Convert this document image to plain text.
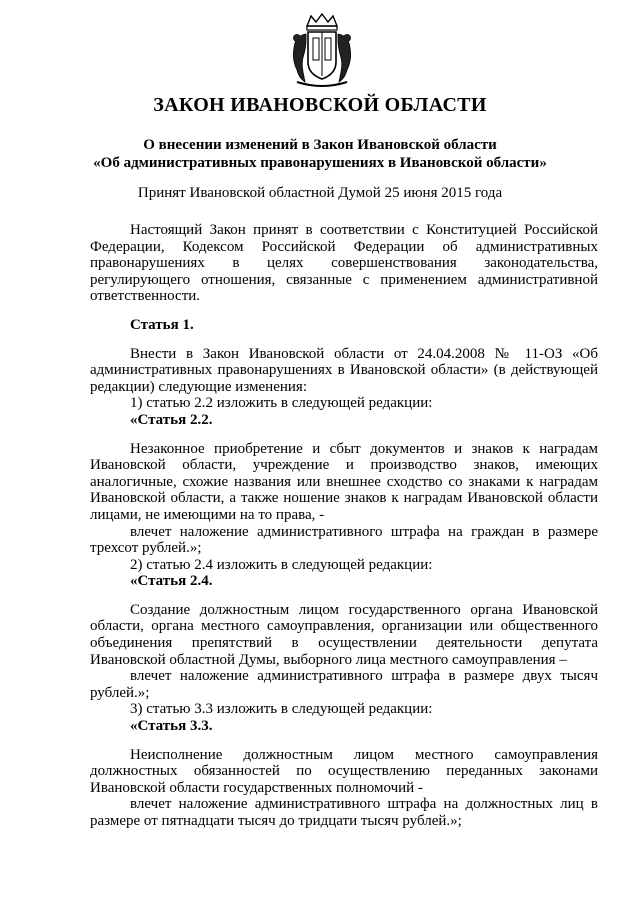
ЗАКОН ИВАНОВСКОЙ ОБЛАСТИ
О внесении изменений в Закон Ивановской области
«Об административных правонарушениях в Ивановской области»
Принят Ивановской областной Думой 25 июня 2015 года

Настоящий Закон принят в соответствии с Конституцией Российской Федерации, Кодексом Российской Федерации об административных правонарушениях в целях совершенствования законодательства, регулирующего отношения, связанные с применением административной ответственности.

Статья 1.

Внести в Закон Ивановской области от 24.04.2008 № 11-ОЗ «Об административных правонарушениях в Ивановской области» (в действующей редакции) следующие изменения:

1) статью 2.2 изложить в следующей редакции:

«Статья 2.2.

Незаконное приобретение и сбыт документов и знаков к наградам Ивановской области, учреждение и производство знаков, имеющих аналогичные, схожие названия или внешнее сходство со знаками к наградам Ивановской области, а также ношение знаков к наградам Ивановской области лицами, не имеющими на то права, -

влечет наложение административного штрафа на граждан в размере трехсот рублей.»;

2) статью 2.4 изложить в следующей редакции:

«Статья 2.4.

Создание должностным лицом государственного органа Ивановской области, органа местного самоуправления, организации или общественного объединения препятствий в осуществлении деятельности депутата Ивановской областной Думы, выборного лица местного самоуправления –

влечет наложение административного штрафа в размере двух тысяч рублей.»;

3) статью 3.3 изложить в следующей редакции:

«Статья 3.3.

Неисполнение должностным лицом местного самоуправления должностных обязанностей по осуществлению переданных законами Ивановской области государственных полномочий -

влечет наложение административного штрафа на должностных лиц в размере от пятнадцати тысяч до тридцати тысяч рублей.»;
